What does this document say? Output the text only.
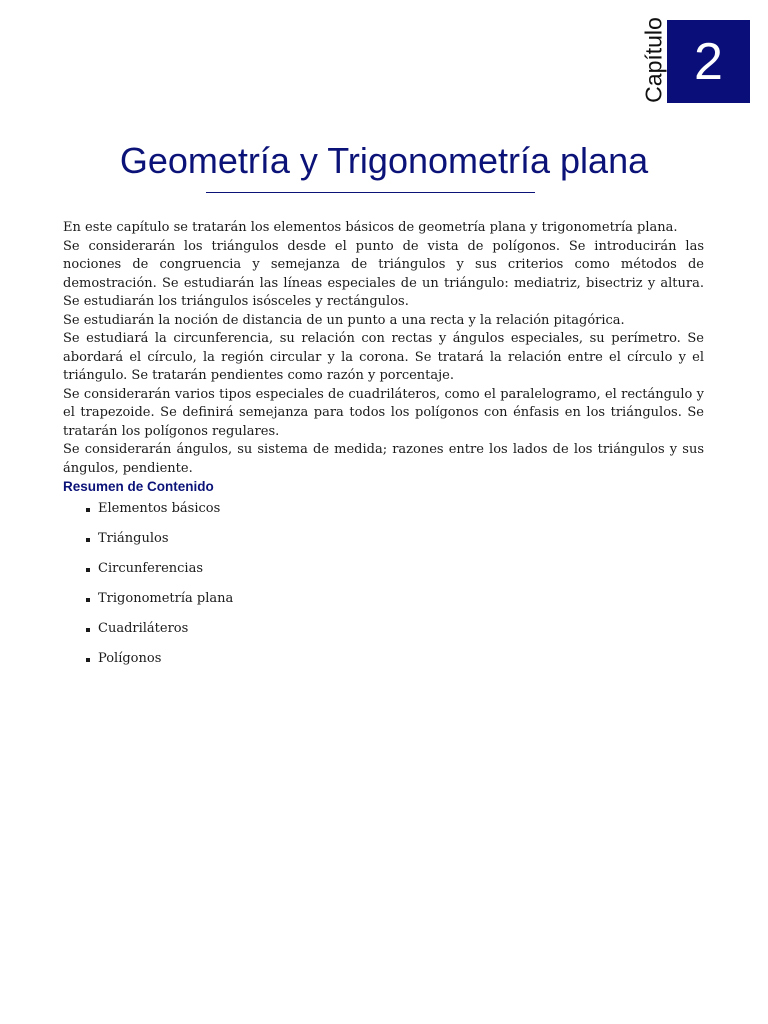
Capítulo 2
Geometría y Trigonometría plana

En este capítulo se tratarán los elementos básicos de geometría plana y trigonometría plana.

Se considerarán los triángulos desde el punto de vista de polígonos. Se introducirán las nociones de congruencia y semejanza de triángulos y sus criterios como métodos de demostración. Se estudiarán las líneas especiales de un triángulo: mediatriz, bisectriz y altura. Se estudiarán los triángulos isósceles y rectángulos.

Se estudiarán la noción de distancia de un punto a una recta y la relación pitagórica.

Se estudiará la circunferencia, su relación con rectas y ángulos especiales, su perímetro. Se abordará el círculo, la región circular y la corona. Se tratará la relación entre el círculo y el triángulo. Se tratarán pendientes como razón y porcentaje.

Se considerarán varios tipos especiales de cuadriláteros, como el paralelogramo, el rectángulo y el trapezoide. Se definirá semejanza para todos los polígonos con énfasis en los triángulos. Se tratarán los polígonos regulares.

Se considerarán ángulos, su sistema de medida; razones entre los lados de los triángulos y sus ángulos, pendiente.

Resumen de Contenido
Elementos básicos
Triángulos
Circunferencias
Trigonometría plana
Cuadriláteros
Polígonos
